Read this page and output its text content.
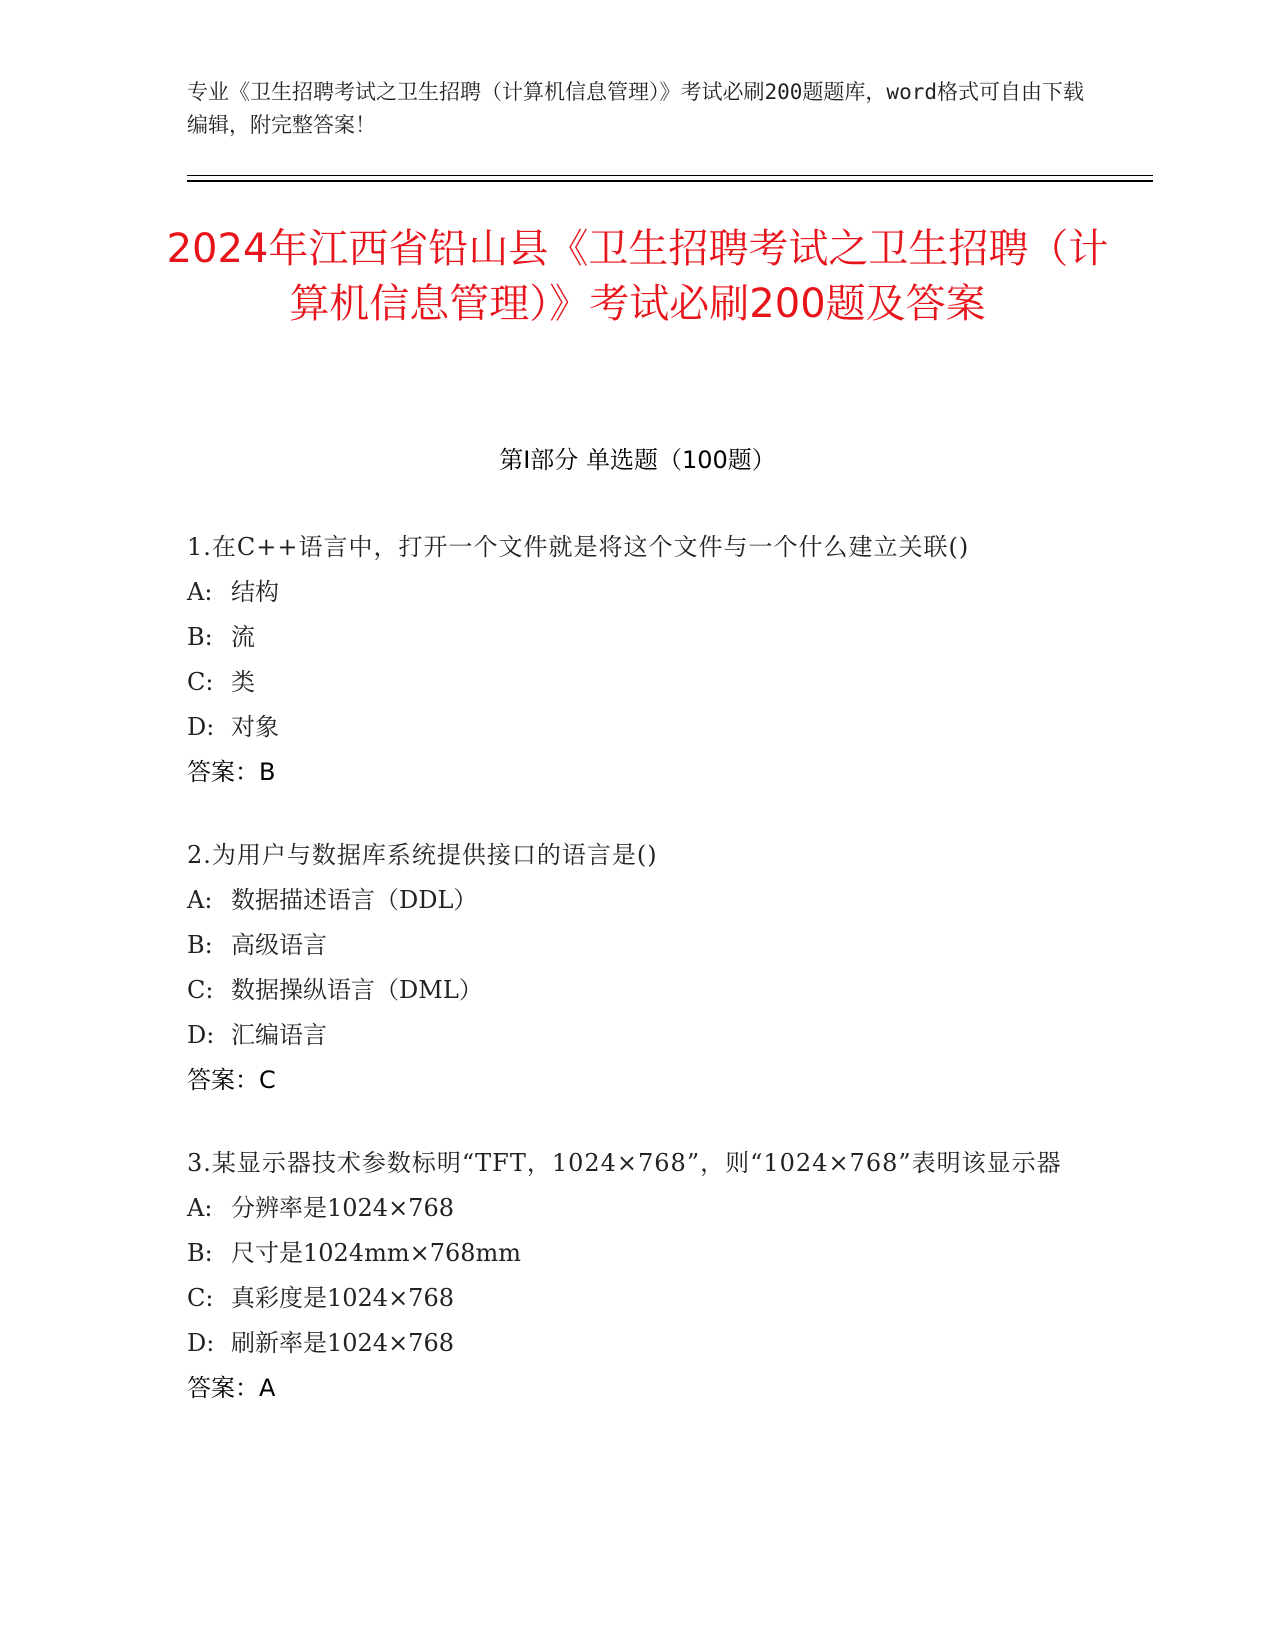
专业《卫生招聘考试之卫生招聘（计算机信息管理）》考试必刷200题题库，word格式可自由下载编辑，附完整答案！
2024年江西省铅山县《卫生招聘考试之卫生招聘（计算机信息管理）》考试必刷200题及答案
第I部分 单选题（100题）
1.在C++语言中，打开一个文件就是将这个文件与一个什么建立关联()
A: 结构
B: 流
C: 类
D: 对象
答案：B
2.为用户与数据库系统提供接口的语言是()
A: 数据描述语言（DDL）
B: 高级语言
C: 数据操纵语言（DML）
D: 汇编语言
答案：C
3.某显示器技术参数标明“TFT，1024×768”，则“1024×768”表明该显示器
A: 分辨率是1024×768
B: 尺寸是1024mm×768mm
C: 真彩度是1024×768
D: 刷新率是1024×768
答案：A
